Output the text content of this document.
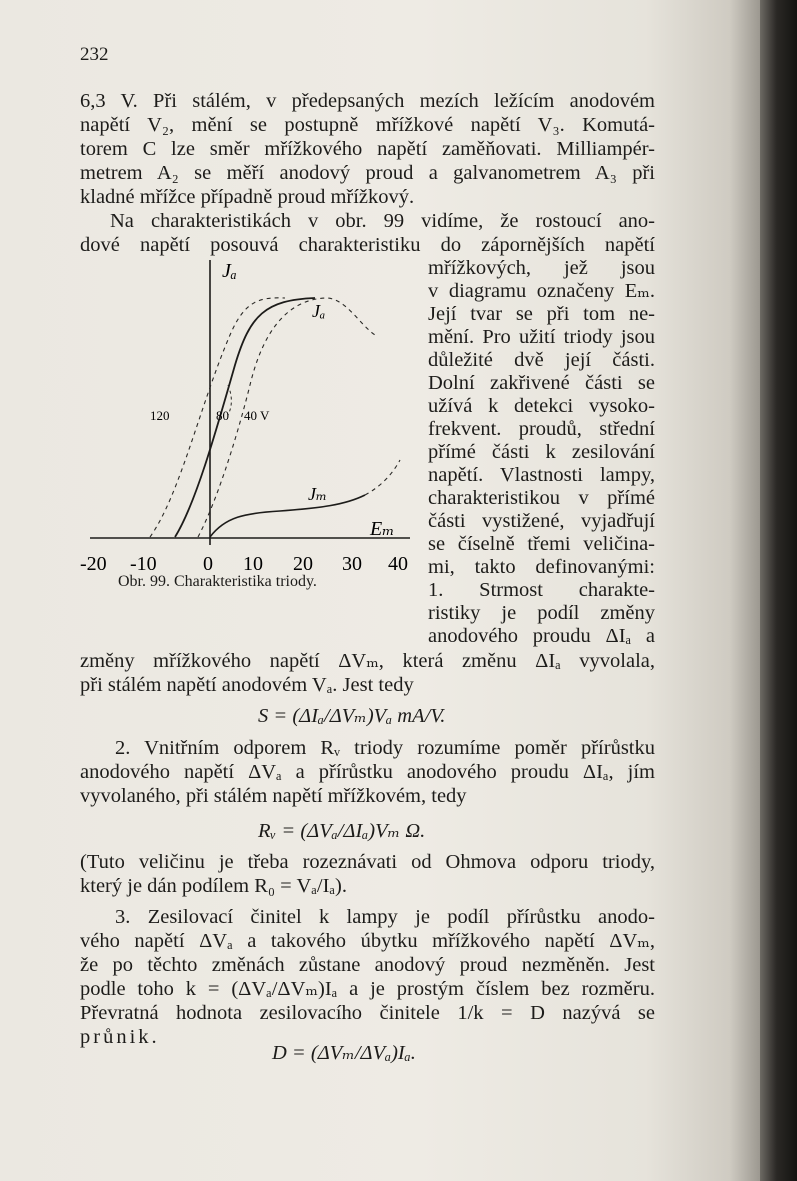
232
6,3 V. Při stálém, v předepsaných mezích ležícím anodovém
napětí V₂, mění se postupně mřížkové napětí V₃. Komutá-
torem C lze směr mřížkového napětí zaměňovati. Milliampér-
metrem A₂ se měří anodový proud a galvanometrem A₃ při
kladné mřížce případně proud mřížkový.
Na charakteristikách v obr. 99 vidíme, že rostoucí ano-
dové napětí posouvá charakteristiku do zápornějších napětí
mřížkových, jež jsou
v diagramu označeny Eₘ.
Její tvar se při tom ne-
mění. Pro užití triody jsou
důležité dvě její části.
Dolní zakřivené části se
užívá k detekci vysoko-
frekvent. proudů, střední
přímé části k zesilování
napětí. Vlastnosti lampy,
charakteristikou v přímé
části vystižené, vyjadřují
se číselně třemi veličina-
mi, takto definovanými:
1. Strmost charakte-
ristiky je podíl změny
anodového proudu ΔIₐ a
Jₐ
Jₐ
Jₘ
Eₘ
120	80 40 V
-20 -10 0 10 20 30 40
Obr. 99. Charakteristika triody.
změny mřížkového napětí ΔVₘ, která změnu ΔIₐ vyvolala,
při stálém napětí anodovém Vₐ. Jest tedy
S = (ΔIₐ/ΔVₘ)Vₐ mA/V.
2. Vnitřním odporem Rᵥ triody rozumíme poměr přírůstku
anodového napětí ΔVₐ a přírůstku anodového proudu ΔIₐ, jím
vyvolaného, při stálém napětí mřížkovém, tedy
Rᵥ = (ΔVₐ/ΔIₐ)Vₘ Ω.
(Tuto veličinu je třeba rozeznávati od Ohmova odporu triody,
který je dán podílem R₀ = Vₐ/Iₐ).
3. Zesilovací činitel k lampy je podíl přírůstku anodo-
vého napětí ΔVₐ a takového úbytku mřížkového napětí ΔVₘ,
že po těchto změnách zůstane anodový proud nezměněn. Jest
podle toho k = (ΔVₐ/ΔVₘ)Iₐ a je prostým číslem bez rozměru.
Převratná hodnota zesilovacího činitele 1/k = D nazývá se
průnik.
D = (ΔVₘ/ΔVₐ)Iₐ.
